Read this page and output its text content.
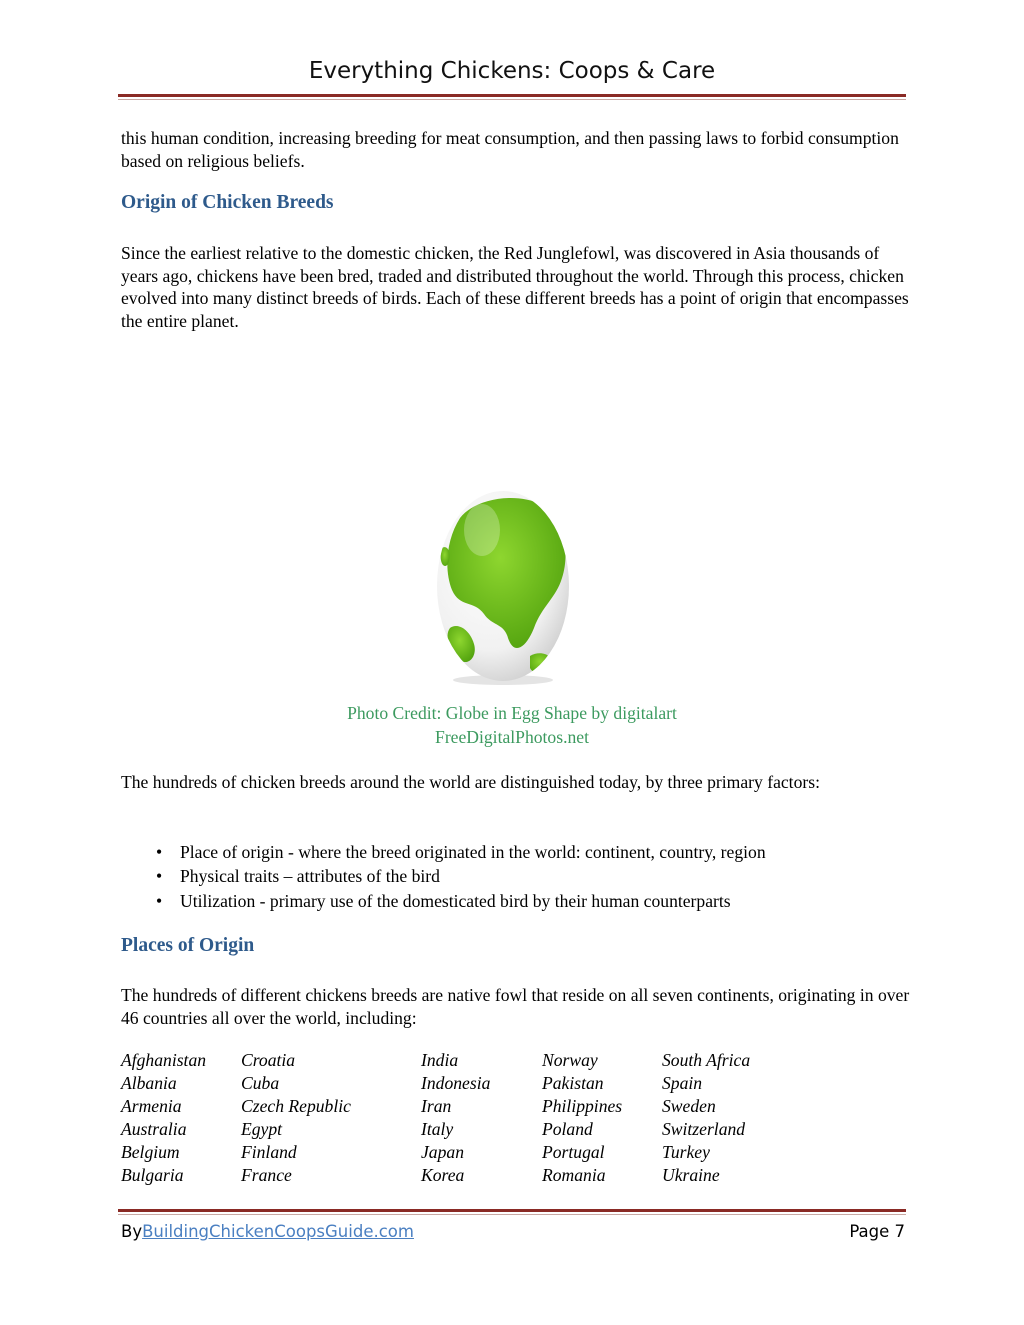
Everything Chickens: Coops & Care

this human condition, increasing breeding for meat consumption, and then passing laws to forbid consumption based on religious beliefs.

Origin of Chicken Breeds

Since the earliest relative to the domestic chicken, the Red Junglefowl, was discovered in Asia thousands of years ago, chickens have been bred, traded and distributed throughout the world. Through this process, chicken evolved into many distinct breeds of birds. Each of these different breeds has a point of origin that encompasses the entire planet.

Photo Credit: Globe in Egg Shape by digitalart
FreeDigitalPhotos.net

The hundreds of chicken breeds around the world are distinguished today, by three primary factors:

• Place of origin - where the breed originated in the world: continent, country, region
• Physical traits – attributes of the bird
• Utilization - primary use of the domesticated bird by their human counterparts
Places of Origin

The hundreds of different chickens breeds are native fowl that reside on all seven continents, originating in over 46 countries all over the world, including:

Afghanistan
Albania
Armenia
Australia
Belgium
Bulgaria
Croatia
Cuba
Czech Republic
Egypt
Finland
France
India
Indonesia
Iran
Italy
Japan
Korea
Norway
Pakistan
Philippines
Poland
Portugal
Romania
South Africa
Spain
Sweden
Switzerland
Turkey
Ukraine
ByBuildingChickenCoopsGuide.com	Page 7
